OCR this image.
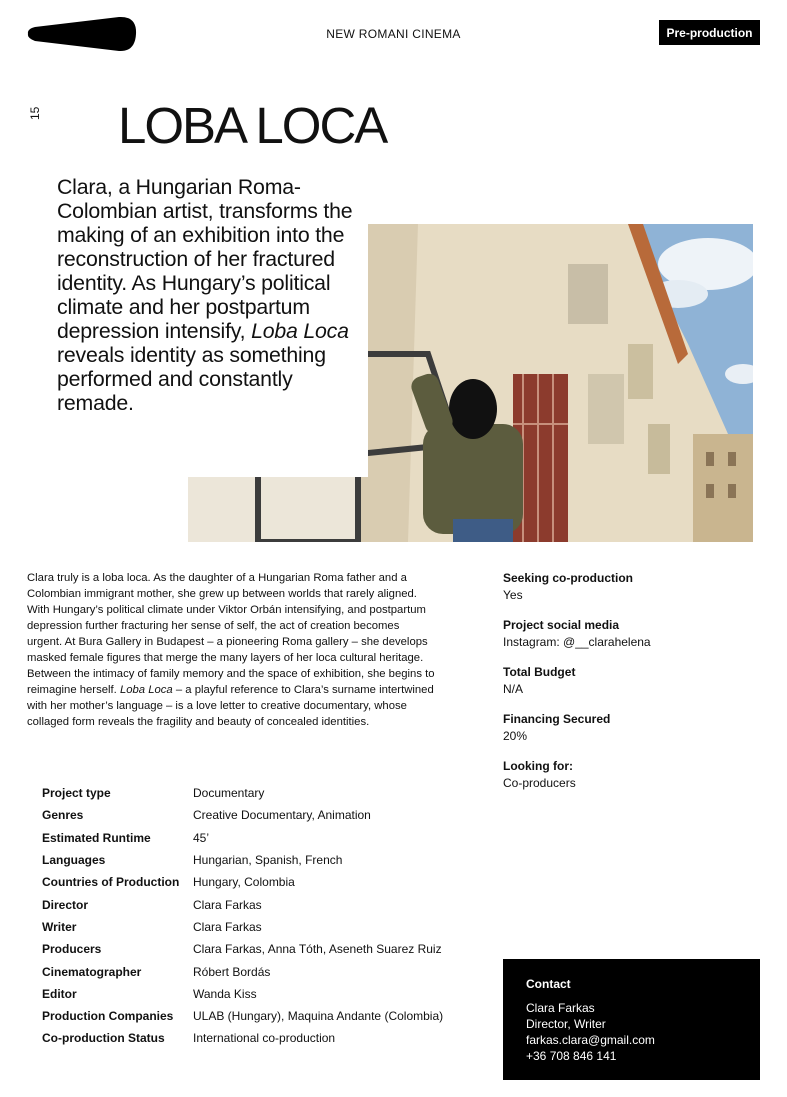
NEW ROMANI CINEMA	Pre-production
15 LOBA LOCA

Clara, a Hungarian Roma-Colombian artist, transforms the making of an exhibition into the reconstruction of her fractured identity. As Hungary’s political climate and her postpartum depression intensify, Loba Loca reveals identity as something performed and constantly remade.

Clara truly is a loba loca. As the daughter of a Hungarian Roma father and a Colombian immigrant mother, she grew up between worlds that rarely aligned. With Hungary’s political climate under Viktor Orbán intensifying, and postpartum depression further fracturing her sense of self, the act of creation becomes urgent. At Bura Gallery in Budapest – a pioneering Roma gallery – she develops masked female figures that merge the many layers of her loca cultural heritage. Between the intimacy of family memory and the space of exhibition, she begins to reimagine herself. Loba Loca – a playful reference to Clara’s surname intertwined with her mother’s language – is a love letter to creative documentary, whose collaged form reveals the fragility and beauty of concealed identities.

Seeking co-production
Yes
Project social media
Instagram: @__clarahelena
Total Budget
N/A
Financing Secured
20%
Looking for:
Co-producers
Project type	Documentary
Genres	Creative Documentary, Animation
Estimated Runtime	45’
Languages	Hungarian, Spanish, French
Countries of Production	Hungary, Colombia
Director	Clara Farkas
Writer	Clara Farkas
Producers	Clara Farkas, Anna Tóth, Aseneth Suarez Ruiz
Cinematographer	Róbert Bordás
Editor	Wanda Kiss
Production Companies	ULAB (Hungary), Maquina Andante (Colombia)
Co-production Status	International co-production
Contact
Clara Farkas
Director, Writer
farkas.clara@gmail.com
+36 708 846 141
